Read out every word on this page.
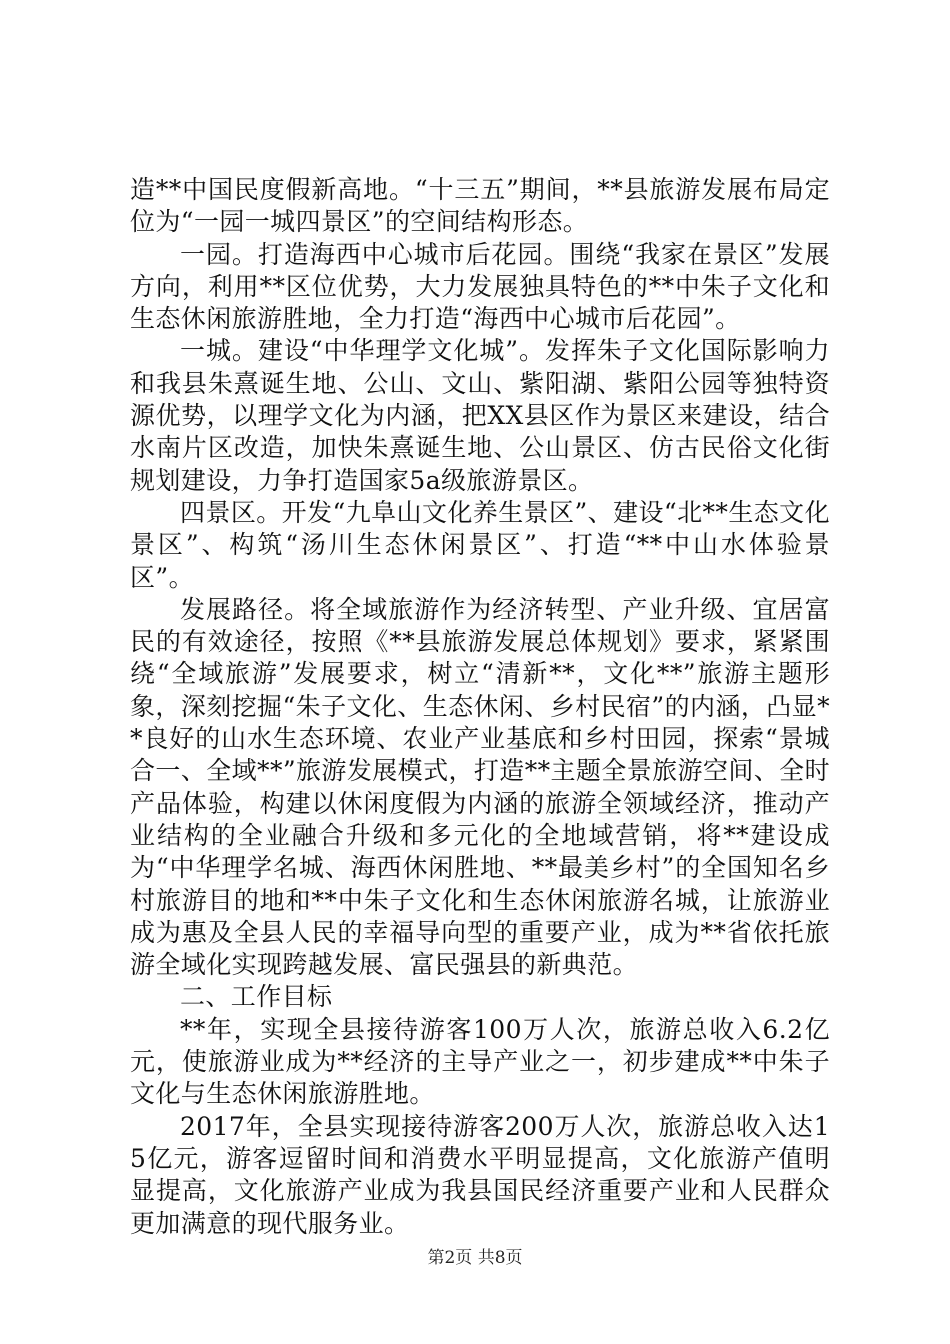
造**中国民度假新高地。“十三五”期间，**县旅游发展布局定位为“一园一城四景区”的空间结构形态。

一园。打造海西中心城市后花园。围绕“我家在景区”发展方向，利用**区位优势，大力发展独具特色的**中朱子文化和生态休闲旅游胜地，全力打造“海西中心城市后花园”。

一城。建设“中华理学文化城”。发挥朱子文化国际影响力和我县朱熹诞生地、公山、文山、紫阳湖、紫阳公园等独特资源优势，以理学文化为内涵，把XX县区作为景区来建设，结合水南片区改造，加快朱熹诞生地、公山景区、仿古民俗文化街规划建设，力争打造国家5a级旅游景区。

四景区。开发“九阜山文化养生景区”、建设“北**生态文化景区”、构筑“汤川生态休闲景区”、打造“**中山水体验景区”。

发展路径。将全域旅游作为经济转型、产业升级、宜居富民的有效途径，按照《**县旅游发展总体规划》要求，紧紧围绕“全域旅游”发展要求，树立“清新**，文化**”旅游主题形象，深刻挖掘“朱子文化、生态休闲、乡村民宿”的内涵，凸显**良好的山水生态环境、农业产业基底和乡村田园，探索“景城合一、全域**”旅游发展模式，打造**主题全景旅游空间、全时产品体验，构建以休闲度假为内涵的旅游全领域经济，推动产业结构的全业融合升级和多元化的全地域营销，将**建设成为“中华理学名城、海西休闲胜地、**最美乡村”的全国知名乡村旅游目的地和**中朱子文化和生态休闲旅游名城，让旅游业成为惠及全县人民的幸福导向型的重要产业，成为**省依托旅游全域化实现跨越发展、富民强县的新典范。

二、工作目标

**年，实现全县接待游客100万人次，旅游总收入6.2亿元，使旅游业成为**经济的主导产业之一，初步建成**中朱子文化与生态休闲旅游胜地。

2017年，全县实现接待游客200万人次，旅游总收入达15亿元，游客逗留时间和消费水平明显提高，文化旅游产值明显提高，文化旅游产业成为我县国民经济重要产业和人民群众更加满意的现代服务业。

第2页 共8页
